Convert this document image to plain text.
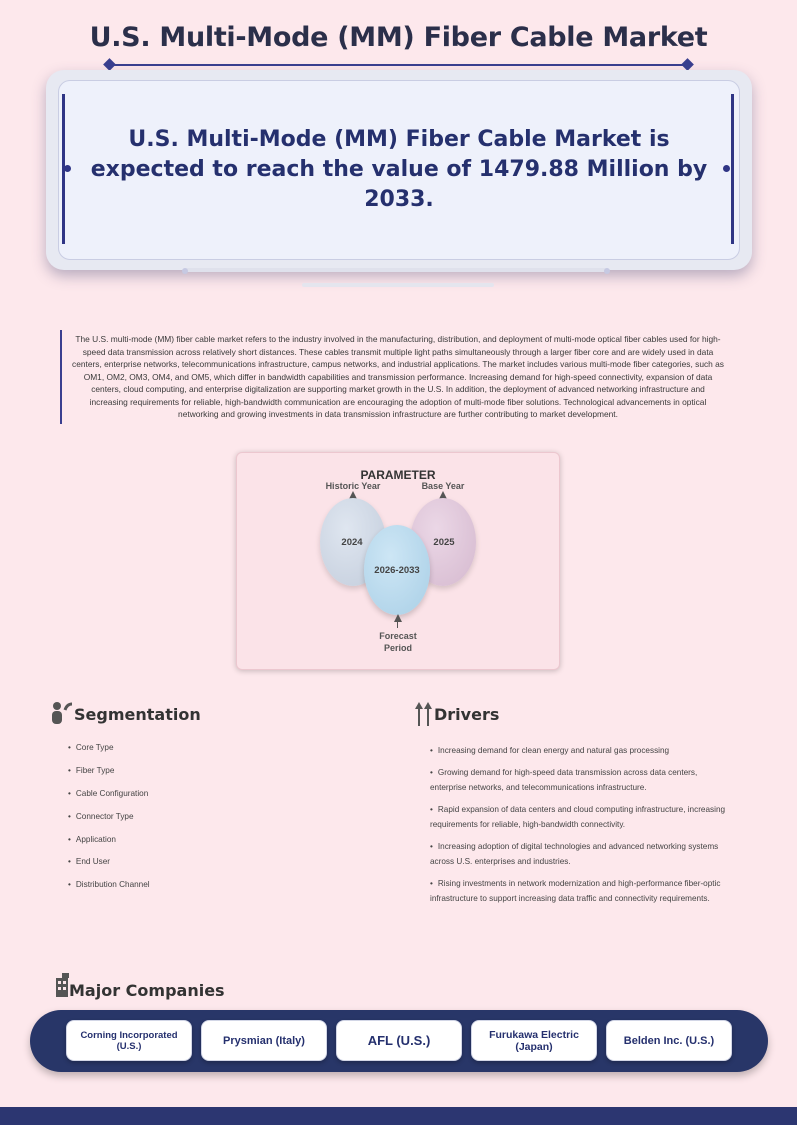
U.S. Multi-Mode (MM) Fiber Cable Market
U.S. Multi-Mode (MM) Fiber Cable Market is expected to reach the value of 1479.88 Million by 2033.
The U.S. multi-mode (MM) fiber cable market refers to the industry involved in the manufacturing, distribution, and deployment of multi-mode optical fiber cables used for high-speed data transmission across relatively short distances. These cables transmit multiple light paths simultaneously through a larger fiber core and are widely used in data centers, enterprise networks, telecommunications infrastructure, campus networks, and industrial applications. The market includes various multi-mode fiber categories, such as OM1, OM2, OM3, OM4, and OM5, which differ in bandwidth capabilities and transmission performance. Increasing demand for high-speed connectivity, expansion of data centers, cloud computing, and enterprise digitalization are supporting market growth in the U.S. In addition, the deployment of advanced networking infrastructure and increasing requirements for reliable, high-bandwidth communication are encouraging the adoption of multi-mode fiber solutions. Technological advancements in optical networking and growing investments in data transmission infrastructure are further contributing to market development.
PARAMETER
Historic Year	Base Year
2024	2025
2026-2033
Forecast
Period
Segmentation
• Core Type
• Fiber Type
• Cable Configuration
• Connector Type
• Application
• End User
• Distribution Channel
Drivers
• Increasing demand for clean energy and natural gas processing
• Growing demand for high-speed data transmission across data centers, enterprise networks, and telecommunications infrastructure.
• Rapid expansion of data centers and cloud computing infrastructure, increasing requirements for reliable, high-bandwidth connectivity.
• Increasing adoption of digital technologies and advanced networking systems across U.S. enterprises and industries.
• Rising investments in network modernization and high-performance fiber-optic infrastructure to support increasing data traffic and connectivity requirements.
Major Companies
Corning Incorporated (U.S.)	Prysmian (Italy)	AFL (U.S.)	Furukawa Electric (Japan)	Belden Inc. (U.S.)
